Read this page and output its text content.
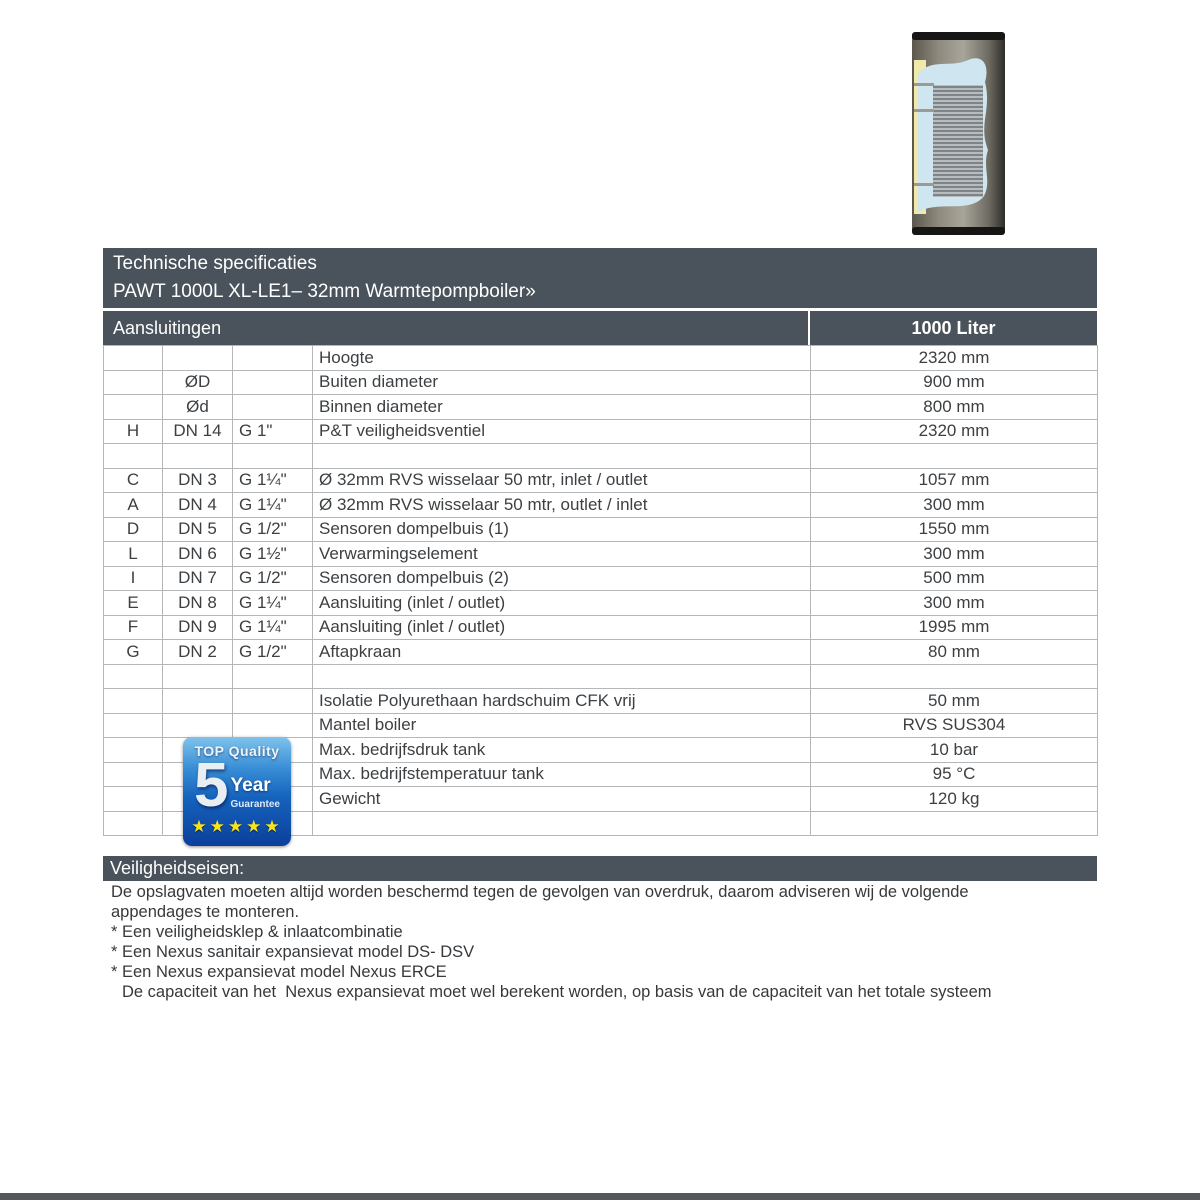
Technische specificaties
PAWT 1000L XL-LE1– 32mm Warmtepompboiler»
Aansluitingen	1000 Liter
			Hoogte	2320 mm
	ØD		Buiten diameter	900 mm
	Ød		Binnen diameter	800 mm
H	DN 14	G 1"	P&T veiligheidsventiel	2320 mm

C	DN 3	G 1¼"	Ø 32mm RVS wisselaar 50 mtr, inlet / outlet	1057 mm
A	DN 4	G 1¼"	Ø 32mm RVS wisselaar 50 mtr, outlet / inlet	300 mm
D	DN 5	G 1/2"	Sensoren dompelbuis (1)	1550 mm
L	DN 6	G 1½"	Verwarmingselement	300 mm
I	DN 7	G 1/2"	Sensoren dompelbuis (2)	500 mm
E	DN 8	G 1¼"	Aansluiting (inlet / outlet)	300 mm
F	DN 9	G 1¼"	Aansluiting (inlet / outlet)	1995 mm
G	DN 2	G 1/2"	Aftapkraan	80 mm

			Isolatie Polyurethaan hardschuim CFK vrij	50 mm
			Mantel boiler	RVS SUS304
			Max. bedrijfsdruk tank	10 bar
			Max. bedrijfstemperatuur tank	95 °C
			Gewicht	120 kg

TOP Quality
5 Year
Guarantee
★★★★★
Veiligheidseisen:
De opslagvaten moeten altijd worden beschermd tegen de gevolgen van overdruk, daarom adviseren wij de volgende
appendages te monteren.
* Een veiligheidsklep & inlaatcombinatie
* Een Nexus sanitair expansievat model DS- DSV
* Een Nexus expansievat model Nexus ERCE
De capaciteit van het  Nexus expansievat moet wel berekent worden, op basis van de capaciteit van het totale systeem
